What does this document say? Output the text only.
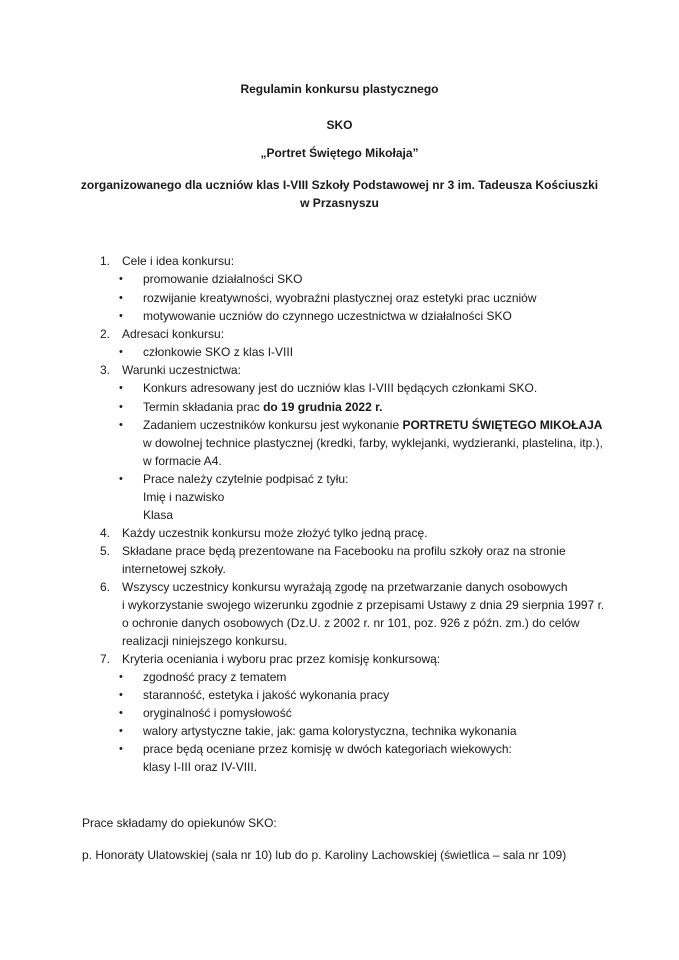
Regulamin konkursu plastycznego
SKO
„Portret Świętego Mikołaja”
zorganizowanego dla uczniów klas I-VIII Szkoły Podstawowej nr 3 im. Tadeusza Kościuszki
w Przasnyszu
1. Cele i idea konkursu:
• promowanie działalności SKO
• rozwijanie kreatywności, wyobraźni plastycznej oraz estetyki prac uczniów
• motywowanie uczniów do czynnego uczestnictwa w działalności SKO
2. Adresaci konkursu:
• członkowie SKO z klas I-VIII
3. Warunki uczestnictwa:
• Konkurs adresowany jest do uczniów klas I-VIII będących członkami SKO.
• Termin składania prac do 19 grudnia 2022 r.
• Zadaniem uczestników konkursu jest wykonanie PORTRETU ŚWIĘTEGO MIKOŁAJA
w dowolnej technice plastycznej (kredki, farby, wyklejanki, wydzieranki, plastelina, itp.),
w formacie A4.
• Prace należy czytelnie podpisać z tyłu:
Imię i nazwisko
Klasa
4. Każdy uczestnik konkursu może złożyć tylko jedną pracę.
5. Składane prace będą prezentowane na Facebooku na profilu szkoły oraz na stronie
internetowej szkoły.
6. Wszyscy uczestnicy konkursu wyrażają zgodę na przetwarzanie danych osobowych
i wykorzystanie swojego wizerunku zgodnie z przepisami Ustawy z dnia 29 sierpnia 1997 r.
o ochronie danych osobowych (Dz.U. z 2002 r. nr 101, poz. 926 z późn. zm.) do celów
realizacji niniejszego konkursu.
7. Kryteria oceniania i wyboru prac przez komisję konkursową:
• zgodność pracy z tematem
• staranność, estetyka i jakość wykonania pracy
• oryginalność i pomysłowość
• walory artystyczne takie, jak: gama kolorystyczna, technika wykonania
• prace będą oceniane przez komisję w dwóch kategoriach wiekowych:
klasy I-III oraz IV-VIII.
Prace składamy do opiekunów SKO:
p. Honoraty Ulatowskiej (sala nr 10) lub do p. Karoliny Lachowskiej (świetlica – sala nr 109)
